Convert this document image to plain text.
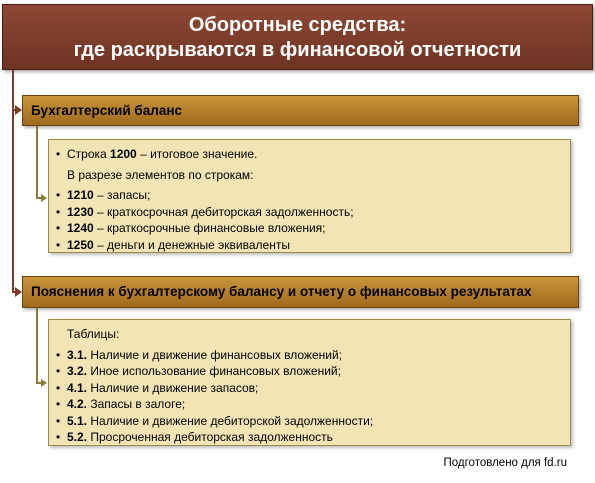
Оборотные средства:
где раскрываются в финансовой отчетности
Бухгалтерский баланс
• Строка 1200 – итоговое значение.
В разрезе элементов по строкам:
• 1210 – запасы;
• 1230 – краткосрочная дебиторская задолженность;
• 1240 – краткосрочные финансовые вложения;
• 1250 – деньги и денежные эквиваленты
Пояснения к бухгалтерскому балансу и отчету о финансовых результатах
Таблицы:
• 3.1. Наличие и движение финансовых вложений;
• 3.2. Иное использование финансовых вложений;
• 4.1. Наличие и движение запасов;
• 4.2. Запасы в залоге;
• 5.1. Наличие и движение дебиторской задолженности;
• 5.2. Просроченная дебиторская задолженность
Подготовлено для fd.ru
